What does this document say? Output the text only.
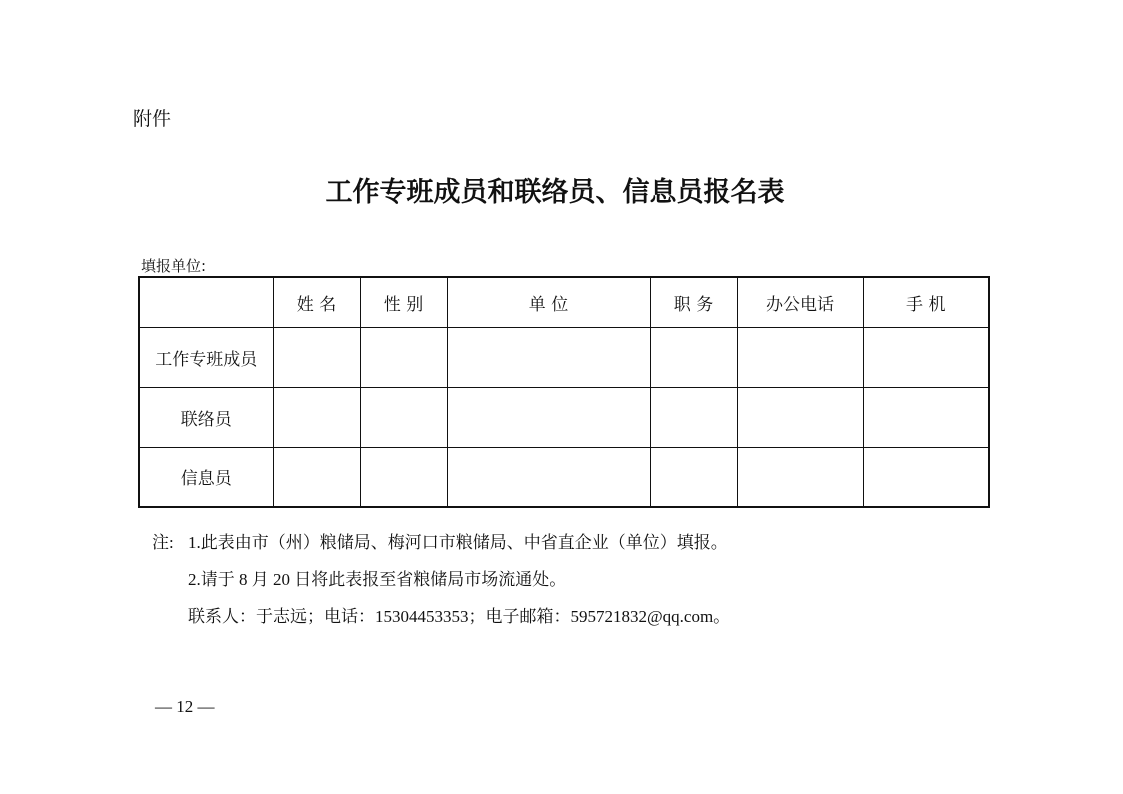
附件
工作专班成员和联络员、信息员报名表
填报单位:
	姓 名	性 别	单 位	职 务	办公电话	手 机
工作专班成员						
联络员						
信息员						
注: 1.此表由市（州）粮储局、梅河口市粮储局、中省直企业（单位）填报。
2.请于 8 月 20 日将此表报至省粮储局市场流通处。
联系人：于志远；电话：15304453353；电子邮箱：595721832@qq.com。
— 12 —
